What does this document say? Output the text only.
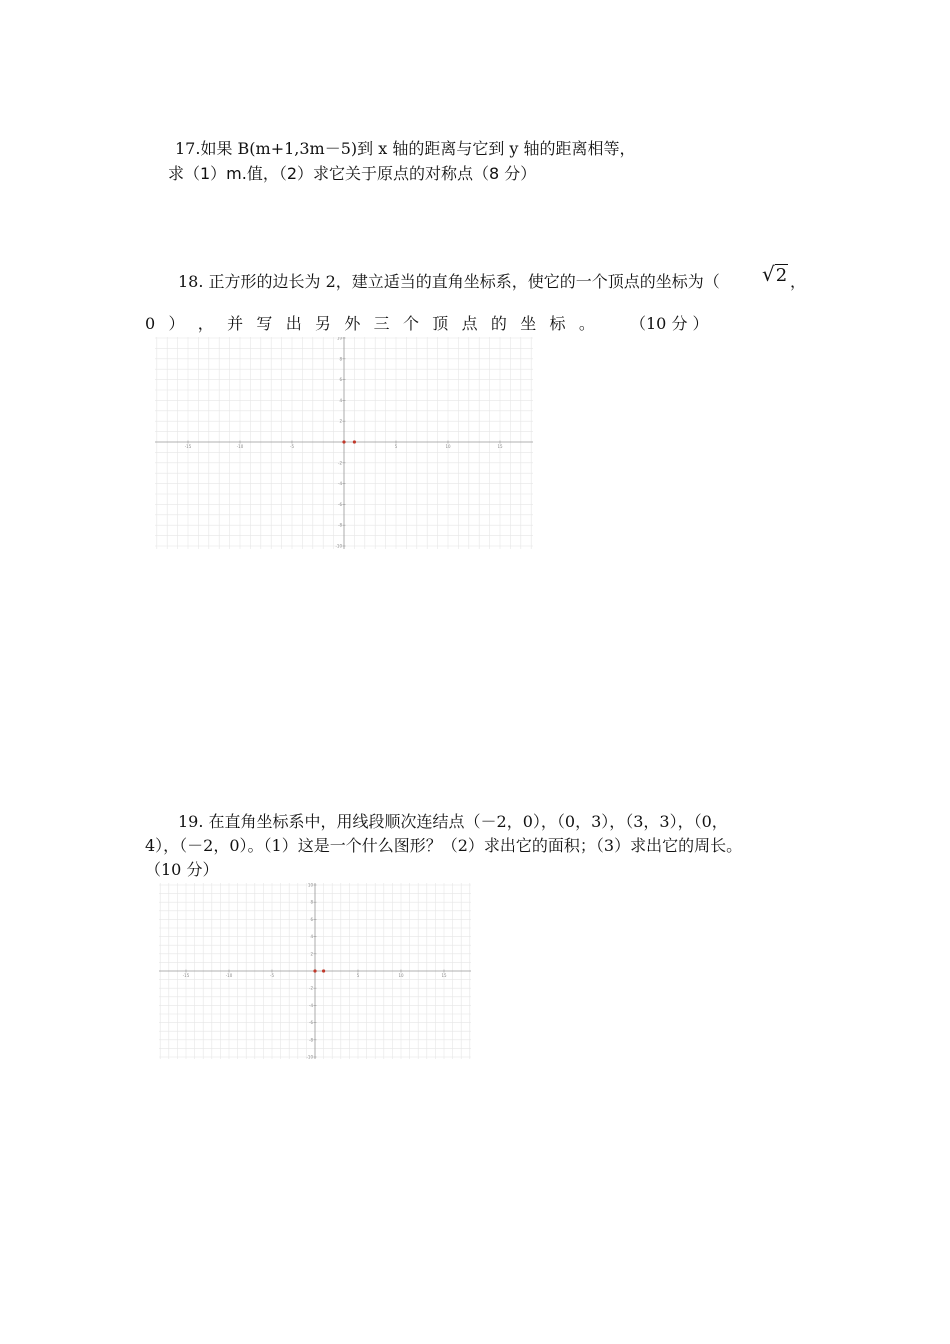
17.如果 B(m+1,3m－5)到 x 轴的距离与它到 y 轴的距离相等，
求（1）m.值，（2）求它关于原点的对称点（8 分）
18. 正方形的边长为 2，建立适当的直角坐标系，使它的一个顶点的坐标为（ √2 ，
0 ） ， 并 写 出 另 外 三 个 顶 点 的 坐 标 。 （10 分 ）
-15	-10	-5	5	10	15
10
8
6
4
2
-2
-4
-6
-8
-10
19. 在直角坐标系中，用线段顺次连结点（－2，0），（0，3），（3，3），（0，
4），（－2，0）。（1）这是一个什么图形？（2）求出它的面积；（3）求出它的周长。
（10 分）
-15	-10	-5	5	10	15
10
8
6
4
2
-2
-4
-6
-8
-10
